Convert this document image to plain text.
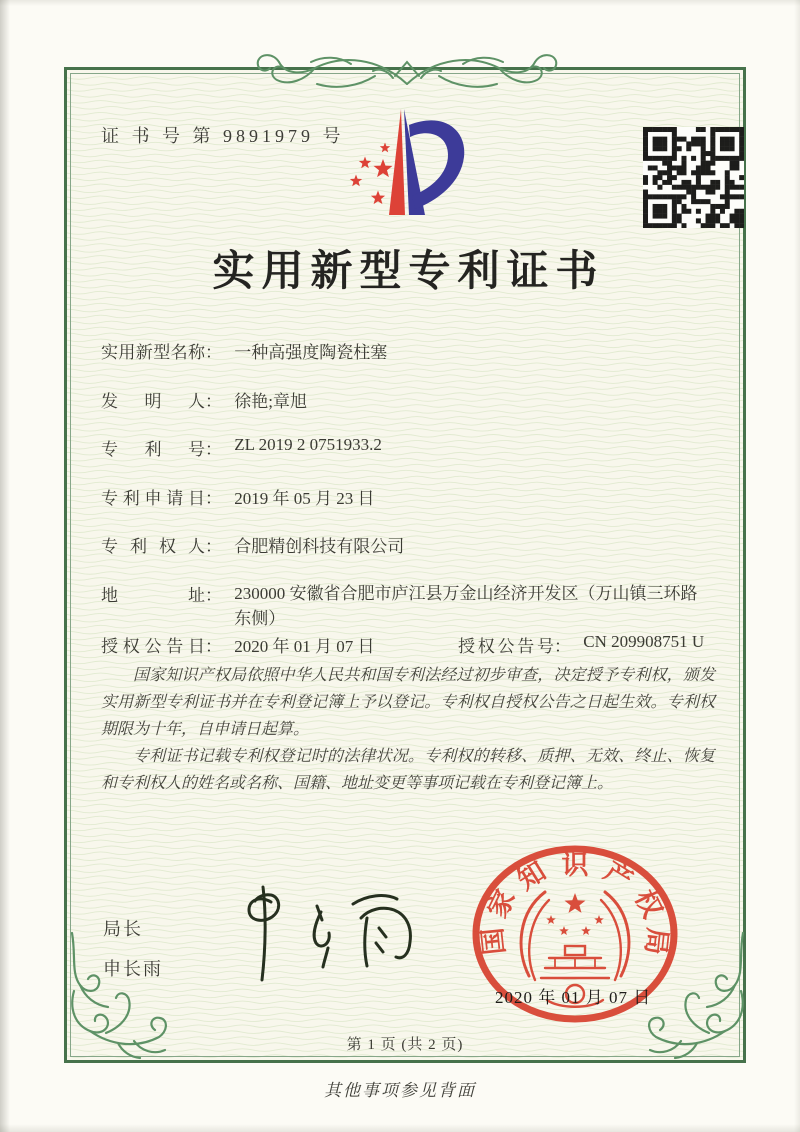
证 书 号 第 9891979 号
实用新型专利证书
实用新型名称： 一种高强度陶瓷柱塞
发明人： 徐艳;章旭
专利号： ZL 2019 2 0751933.2
专利申请日： 2019 年 05 月 23 日
专利权人： 合肥精创科技有限公司
地址： 230000 安徽省合肥市庐江县万金山经济开发区（万山镇三环路东侧）
授权公告日： 2020 年 01 月 07 日	授权公告号： CN 209908751 U

国家知识产权局依照中华人民共和国专利法经过初步审查，决定授予专利权，颁发实用新型专利证书并在专利登记簿上予以登记。专利权自授权公告之日起生效。专利权期限为十年，自申请日起算。

专利证书记载专利权登记时的法律状况。专利权的转移、质押、无效、终止、恢复和专利权人的姓名或名称、国籍、地址变更等事项记载在专利登记簿上。

局长
申长雨
国
家
知 识 产
权
局
2020 年 01 月 07 日
第 1 页 (共 2 页)
其他事项参见背面
